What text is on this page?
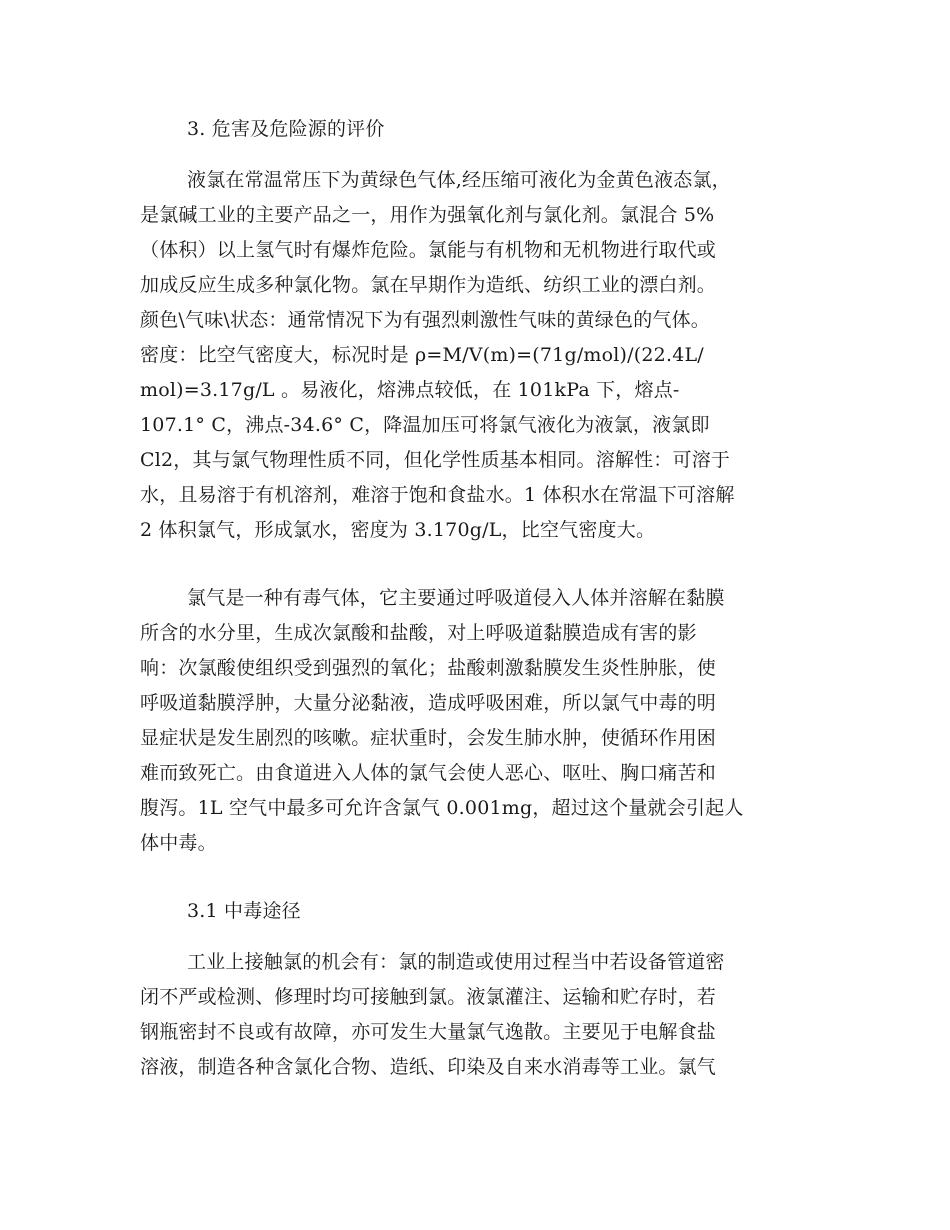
3. 危害及危险源的评价
液氯在常温常压下为黄绿色气体,经压缩可液化为金黄色液态氯，
是氯碱工业的主要产品之一，用作为强氧化剂与氯化剂。氯混合 5%
（体积）以上氢气时有爆炸危险。氯能与有机物和无机物进行取代或
加成反应生成多种氯化物。氯在早期作为造纸、纺织工业的漂白剂。
颜色\气味\状态：通常情况下为有强烈刺激性气味的黄绿色的气体。
密度：比空气密度大，标况时是 ρ=M/V(m)=(71g/mol)/(22.4L/
mol)=3.17g/L 。易液化，熔沸点较低，在 101kPa 下，熔点-
107.1° C，沸点-34.6° C，降温加压可将氯气液化为液氯，液氯即
Cl2，其与氯气物理性质不同，但化学性质基本相同。溶解性：可溶于
水，且易溶于有机溶剂，难溶于饱和食盐水。1 体积水在常温下可溶解
2 体积氯气，形成氯水，密度为 3.170g/L，比空气密度大。
氯气是一种有毒气体，它主要通过呼吸道侵入人体并溶解在黏膜
所含的水分里，生成次氯酸和盐酸，对上呼吸道黏膜造成有害的影
响：次氯酸使组织受到强烈的氧化；盐酸刺激黏膜发生炎性肿胀，使
呼吸道黏膜浮肿，大量分泌黏液，造成呼吸困难，所以氯气中毒的明
显症状是发生剧烈的咳嗽。症状重时，会发生肺水肿，使循环作用困
难而致死亡。由食道进入人体的氯气会使人恶心、呕吐、胸口痛苦和
腹泻。1L 空气中最多可允许含氯气 0.001mg，超过这个量就会引起人
体中毒。
3.1 中毒途径
工业上接触氯的机会有：氯的制造或使用过程当中若设备管道密
闭不严或检测、修理时均可接触到氯。液氯灌注、运输和贮存时，若
钢瓶密封不良或有故障，亦可发生大量氯气逸散。主要见于电解食盐
溶液，制造各种含氯化合物、造纸、印染及自来水消毒等工业。氯气
